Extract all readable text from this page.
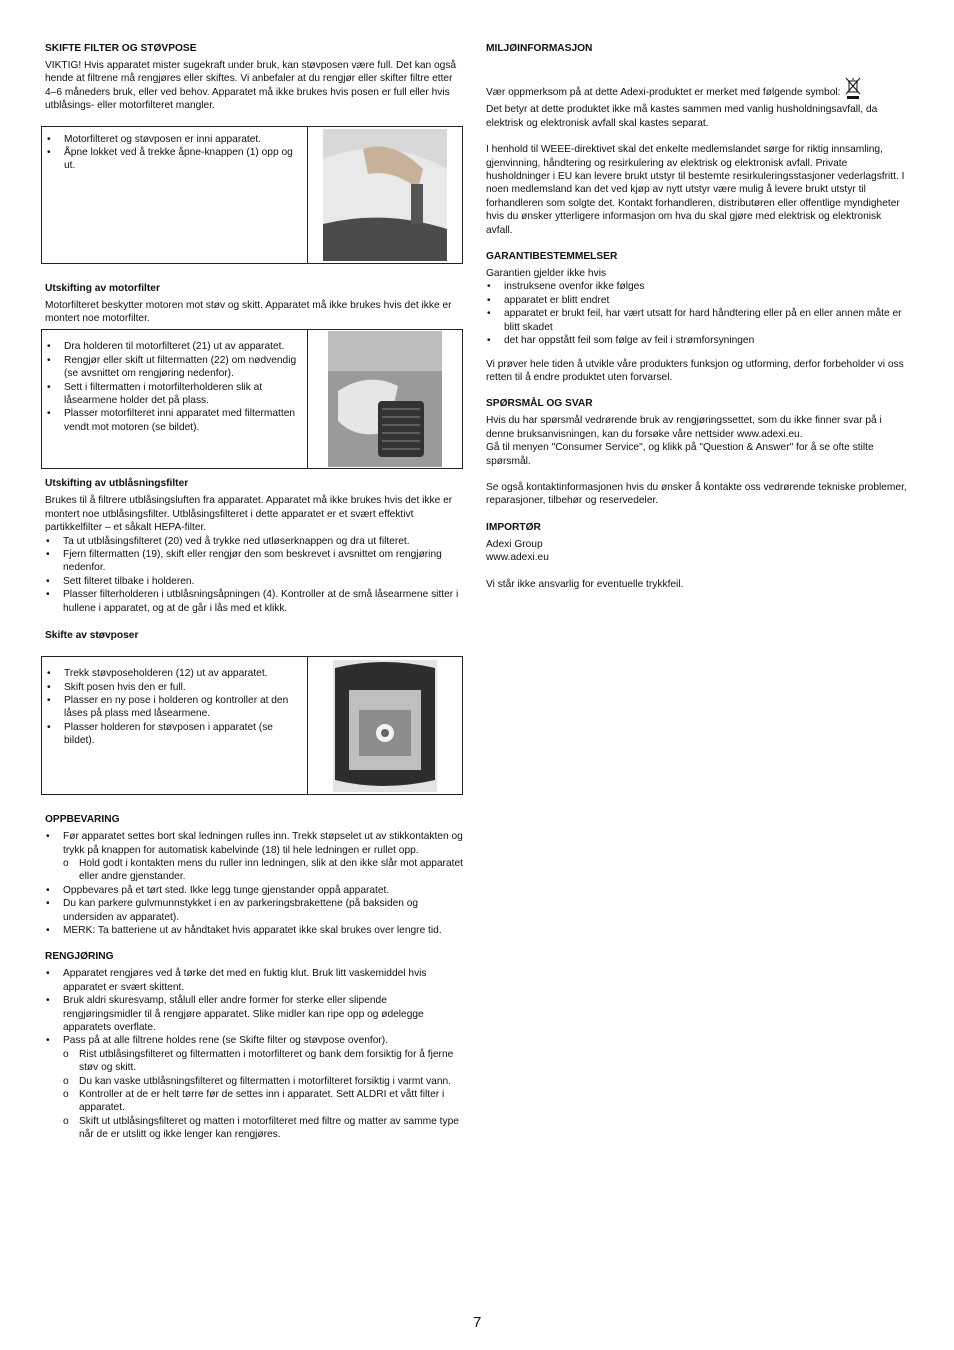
SKIFTE FILTER OG STØVPOSE

VIKTIG! Hvis apparatet mister sugekraft under bruk, kan støvposen være full. Det kan også hende at filtrene må rengjøres eller skiftes. Vi anbefaler at du rengjør eller skifter filtre etter 4–6 måneders bruk, eller ved behov. Apparatet må ikke brukes hvis posen er full eller hvis utblåsings- eller motorfilteret mangler.

• Motorfilteret og støvposen er inni apparatet.
• Åpne lokket ved å trekke åpne-knappen (1) opp og ut.
Utskifting av motorfilter

Motorfilteret beskytter motoren mot støv og skitt. Apparatet må ikke brukes hvis det ikke er montert noe motorfilter.

• Dra holderen til motorfilteret (21) ut av apparatet.
• Rengjør eller skift ut filtermatten (22) om nødvendig (se avsnittet om rengjøring nedenfor).
• Sett i filtermatten i motorfilterholderen slik at låsearmene holder det på plass.
• Plasser motorfilteret inni apparatet med filtermatten vendt mot motoren (se bildet).
Utskifting av utblåsningsfilter

Brukes til å filtrere utblåsingsluften fra apparatet. Apparatet må ikke brukes hvis det ikke er montert noe utblåsingsfilter. Utblåsingsfilteret i dette apparatet er et svært effektivt partikkelfilter – et såkalt HEPA-filter.

• Ta ut utblåsingsfilteret (20) ved å trykke ned utløserknappen og dra ut filteret.
• Fjern filtermatten (19), skift eller rengjør den som beskrevet i avsnittet om rengjøring nedenfor.
• Sett filteret tilbake i holderen.
• Plasser filterholderen i utblåsningsåpningen (4). Kontroller at de små låsearmene sitter i hullene i apparatet, og at de går i lås med et klikk.
Skifte av støvposer
• Trekk støvposeholderen (12) ut av apparatet.
• Skift posen hvis den er full.
• Plasser en ny pose i holderen og kontroller at den låses på plass med låsearmene.
• Plasser holderen for støvposen i apparatet (se bildet).
OPPBEVARING
• Før apparatet settes bort skal ledningen rulles inn. Trekk støpselet ut av stikkontakten og trykk på knappen for automatisk kabelvinde (18) til hele ledningen er rullet opp.
o Hold godt i kontakten mens du ruller inn ledningen, slik at den ikke slår mot apparatet eller andre gjenstander.
• Oppbevares på et tørt sted. Ikke legg tunge gjenstander oppå apparatet.
• Du kan parkere gulvmunnstykket i en av parkeringsbrakettene (på baksiden og undersiden av apparatet).
• MERK: Ta batteriene ut av håndtaket hvis apparatet ikke skal brukes over lengre tid.
RENGJØRING
• Apparatet rengjøres ved å tørke det med en fuktig klut. Bruk litt vaskemiddel hvis apparatet er svært skittent.
• Bruk aldri skuresvamp, stålull eller andre former for sterke eller slipende rengjøringsmidler til å rengjøre apparatet. Slike midler kan ripe opp og ødelegge apparatets overflate.
• Pass på at alle filtrene holdes rene (se Skifte filter og støvpose ovenfor).
o Rist utblåsingsfilteret og filtermatten i motorfilteret og bank dem forsiktig for å fjerne støv og skitt.
o Du kan vaske utblåsningsfilteret og filtermatten i motorfilteret forsiktig i varmt vann.
o Kontroller at de er helt tørre før de settes inn i apparatet. Sett ALDRI et vått filter i apparatet.
o Skift ut utblåsingsfilteret og matten i motorfilteret med filtre og matter av samme type når de er utslitt og ikke lenger kan rengjøres.
MILJØINFORMASJON

Vær oppmerksom på at dette Adexi-produktet er merket med følgende symbol:
Det betyr at dette produktet ikke må kastes sammen med vanlig husholdningsavfall, da elektrisk og elektronisk avfall skal kastes separat.

I henhold til WEEE-direktivet skal det enkelte medlemslandet sørge for riktig innsamling, gjenvinning, håndtering og resirkulering av elektrisk og elektronisk avfall. Private husholdninger i EU kan levere brukt utstyr til bestemte resirkuleringsstasjoner vederlagsfritt. I noen medlemsland kan det ved kjøp av nytt utstyr være mulig å levere brukt utstyr til forhandleren som solgte det. Kontakt forhandleren, distributøren eller offentlige myndigheter hvis du ønsker ytterligere informasjon om hva du skal gjøre med elektrisk og elektronisk avfall.

GARANTIBESTEMMELSER

Garantien gjelder ikke hvis

• instruksene ovenfor ikke følges
• apparatet er blitt endret
• apparatet er brukt feil, har vært utsatt for hard håndtering eller på en eller annen måte er blitt skadet
• det har oppstått feil som følge av feil i strømforsyningen

Vi prøver hele tiden å utvikle våre produkters funksjon og utforming, derfor forbeholder vi oss retten til å endre produktet uten forvarsel.

SPØRSMÅL OG SVAR

Hvis du har spørsmål vedrørende bruk av rengjøringssettet, som du ikke finner svar på i denne bruksanvisningen, kan du forsøke våre nettsider www.adexi.eu.
Gå til menyen "Consumer Service", og klikk på "Question & Answer" for å se ofte stilte spørsmål.

Se også kontaktinformasjonen hvis du ønsker å kontakte oss vedrørende tekniske problemer, reparasjoner, tilbehør og reservedeler.

IMPORTØR

Adexi Group

www.adexi.eu

Vi står ikke ansvarlig for eventuelle trykkfeil.

7
